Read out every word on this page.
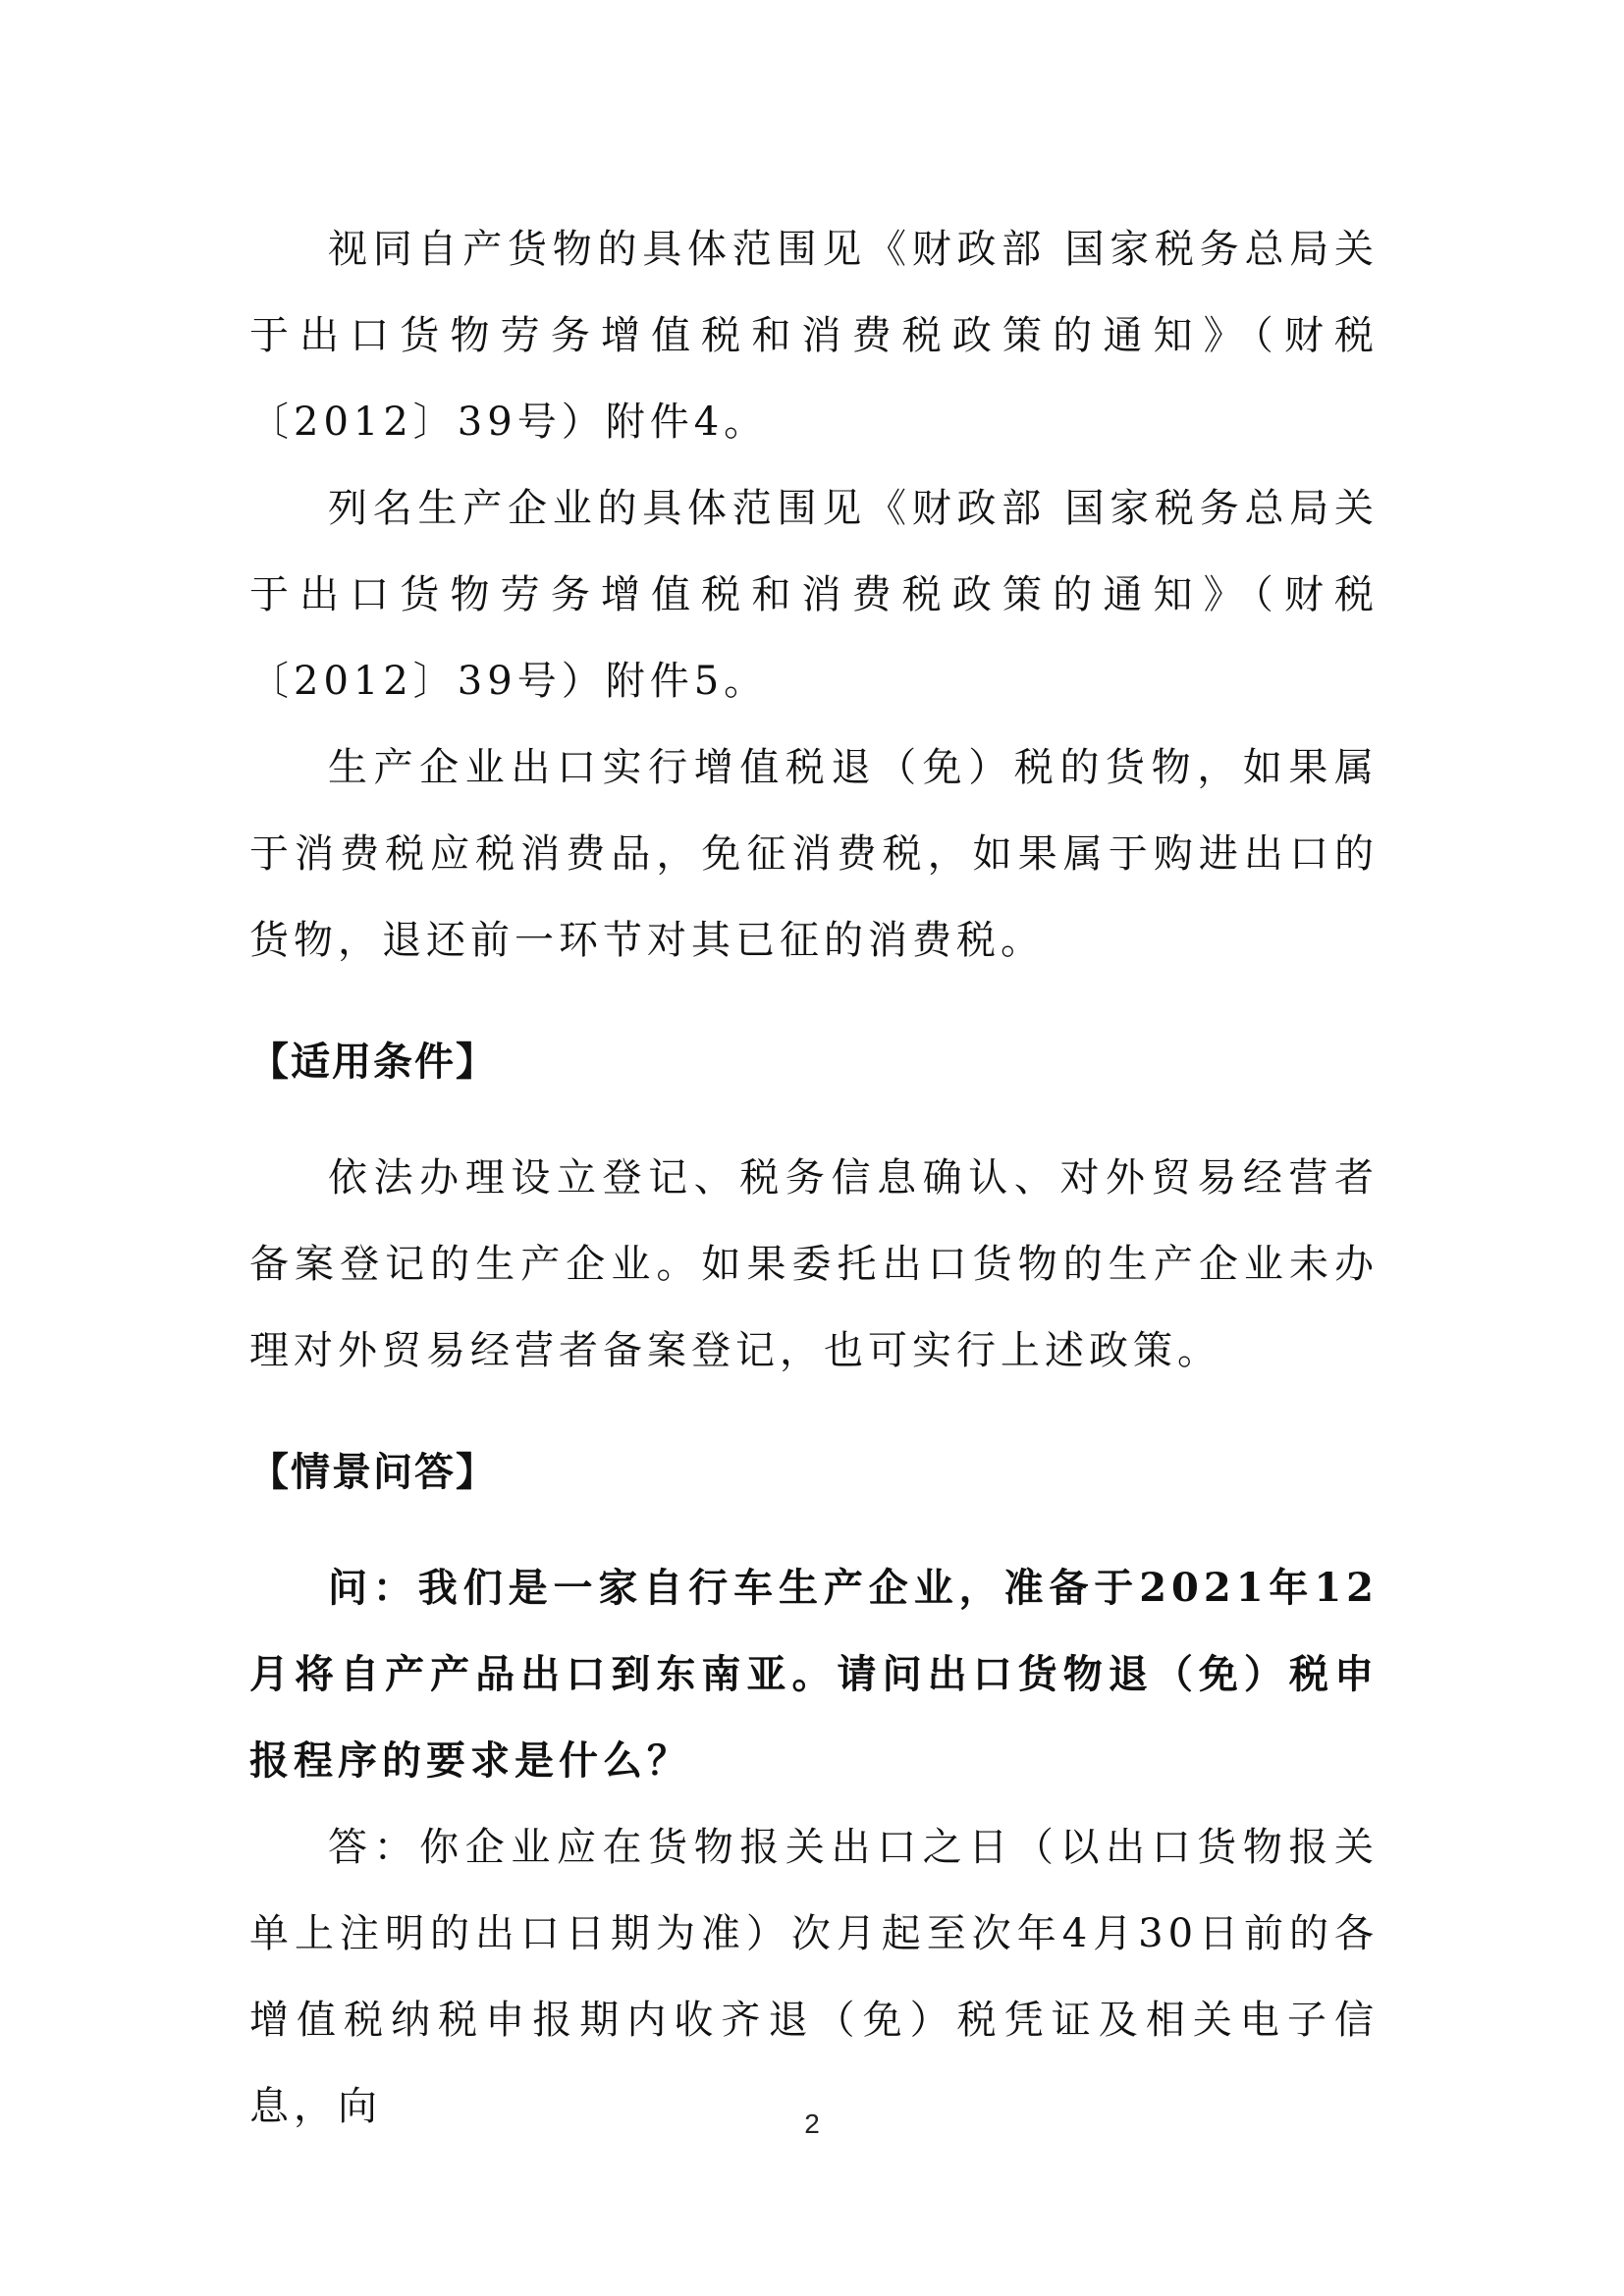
视同自产货物的具体范围见《财政部 国家税务总局关于出口货物劳务增值税和消费税政策的通知》（财税〔2012〕39号）附件4。

列名生产企业的具体范围见《财政部 国家税务总局关于出口货物劳务增值税和消费税政策的通知》（财税〔2012〕39号）附件5。

生产企业出口实行增值税退（免）税的货物，如果属于消费税应税消费品，免征消费税，如果属于购进出口的货物，退还前一环节对其已征的消费税。

【适用条件】

依法办理设立登记、税务信息确认、对外贸易经营者备案登记的生产企业。如果委托出口货物的生产企业未办理对外贸易经营者备案登记，也可实行上述政策。

【情景问答】

问：我们是一家自行车生产企业，准备于2021年12月将自产产品出口到东南亚。请问出口货物退（免）税申报程序的要求是什么？

答：你企业应在货物报关出口之日（以出口货物报关单上注明的出口日期为准）次月起至次年4月30日前的各增值税纳税申报期内收齐退（免）税凭证及相关电子信息，向	2
